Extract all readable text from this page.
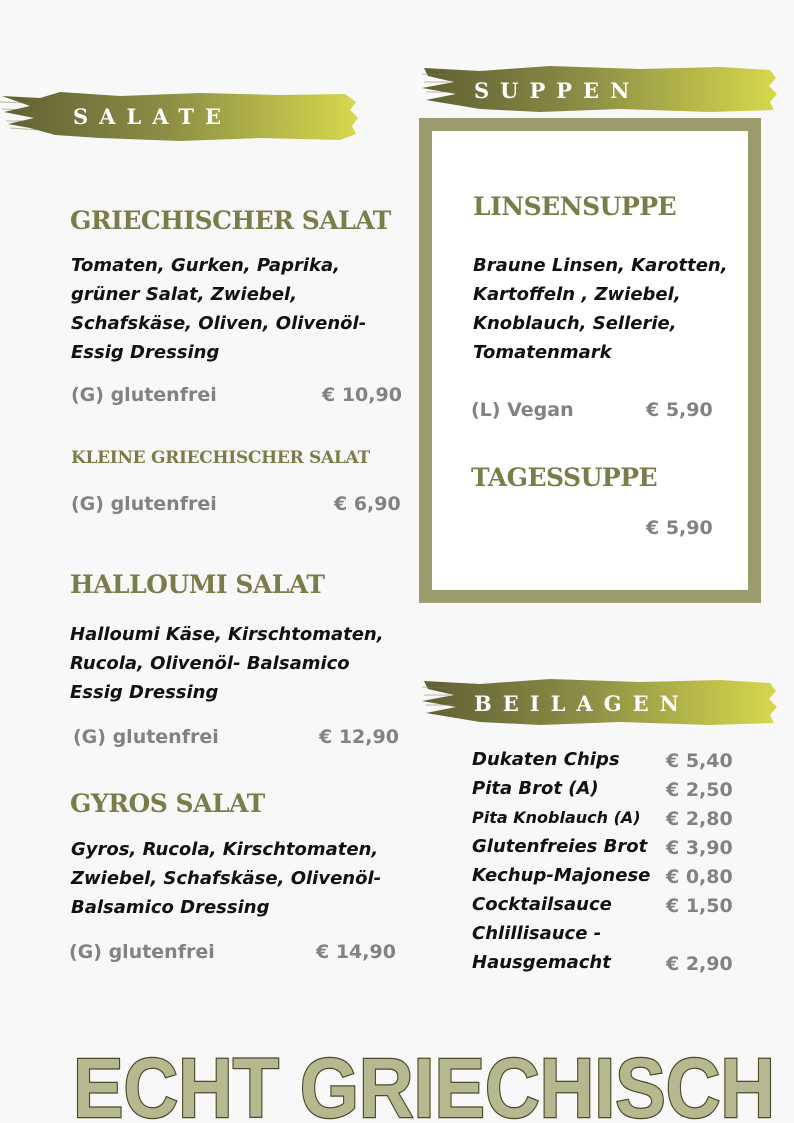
SALATE
SUPPEN
GRIECHISCHER SALAT
Tomaten, Gurken, Paprika,
grüner Salat, Zwiebel,
Schafskäse, Oliven, Olivenöl-
Essig Dressing
(G) glutenfrei	€ 10,90
KLEINE GRIECHISCHER SALAT
(G) glutenfrei	€ 6,90
HALLOUMI SALAT
Halloumi Käse, Kirschtomaten,
Rucola, Olivenöl- Balsamico
Essig Dressing
(G) glutenfrei	€ 12,90
GYROS SALAT
Gyros, Rucola, Kirschtomaten,
Zwiebel, Schafskäse, Olivenöl-
Balsamico Dressing
(G) glutenfrei	€ 14,90
LINSENSUPPE
Braune Linsen, Karotten,
Kartoffeln , Zwiebel,
Knoblauch, Sellerie,
Tomatenmark
(L) Vegan	€ 5,90
TAGESSUPPE
€ 5,90
BEILAGEN
Dukaten Chips € 5,40
Pita Brot (A)	€ 2,50
Pita Knoblauch (A) € 2,80
Glutenfreies Brot € 3,90
Kechup-Majonese € 0,80
Cocktailsauce	€ 1,50
Chlillisauce -
Hausgemacht	€ 2,90
ECHT GRIECHISCH
